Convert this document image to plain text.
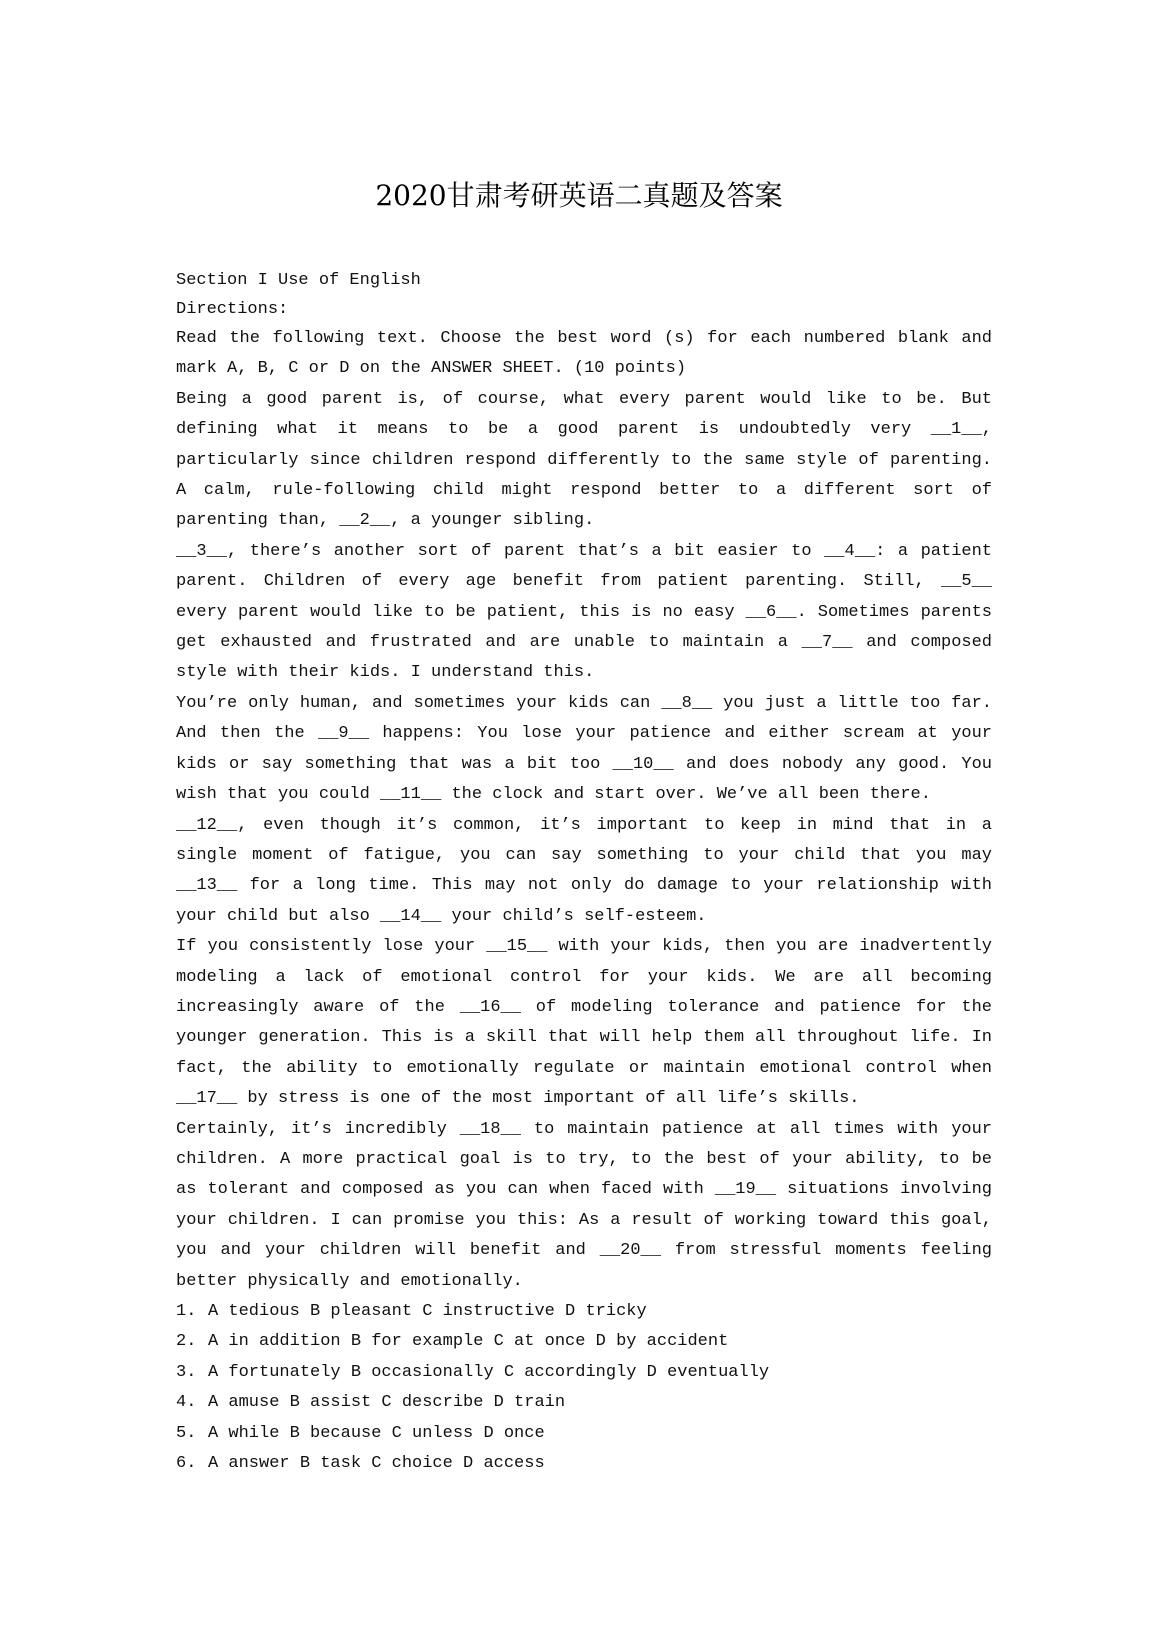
2020甘肃考研英语二真题及答案

Section I Use of English

Directions:

Read the following text. Choose the best word (s) for each numbered blank and mark A, B, C or D on the ANSWER SHEET. (10 points)

Being a good parent is, of course, what every parent would like to be. But defining what it means to be a good parent is undoubtedly very __1__, particularly since children respond differently to the same style of parenting. A calm, rule-following child might respond better to a different sort of parenting than, __2__, a younger sibling.

__3__, there’s another sort of parent that’s a bit easier to __4__: a patient parent. Children of every age benefit from patient parenting. Still, __5__ every parent would like to be patient, this is no easy __6__. Sometimes parents get exhausted and frustrated and are unable to maintain a __7__ and composed style with their kids. I understand this.

You’re only human, and sometimes your kids can __8__ you just a little too far. And then the __9__ happens: You lose your patience and either scream at your kids or say something that was a bit too __10__ and does nobody any good. You wish that you could __11__ the clock and start over. We’ve all been there.

__12__, even though it’s common, it’s important to keep in mind that in a single moment of fatigue, you can say something to your child that you may __13__ for a long time. This may not only do damage to your relationship with your child but also __14__ your child’s self-esteem.

If you consistently lose your __15__ with your kids, then you are inadvertently modeling a lack of emotional control for your kids. We are all becoming increasingly aware of the __16__ of modeling tolerance and patience for the younger generation. This is a skill that will help them all throughout life. In fact, the ability to emotionally regulate or maintain emotional control when __17__ by stress is one of the most important of all life’s skills.

Certainly, it’s incredibly __18__ to maintain patience at all times with your children. A more practical goal is to try, to the best of your ability, to be as tolerant and composed as you can when faced with __19__ situations involving your children. I can promise you this: As a result of working toward this goal, you and your children will benefit and __20__ from stressful moments feeling better physically and emotionally.

1. A tedious B pleasant C instructive D tricky
2. A in addition B for example C at once D by accident
3. A fortunately B occasionally C accordingly D eventually
4. A amuse B assist C describe D train
5. A while B because C unless D once
6. A answer B task C choice D access
